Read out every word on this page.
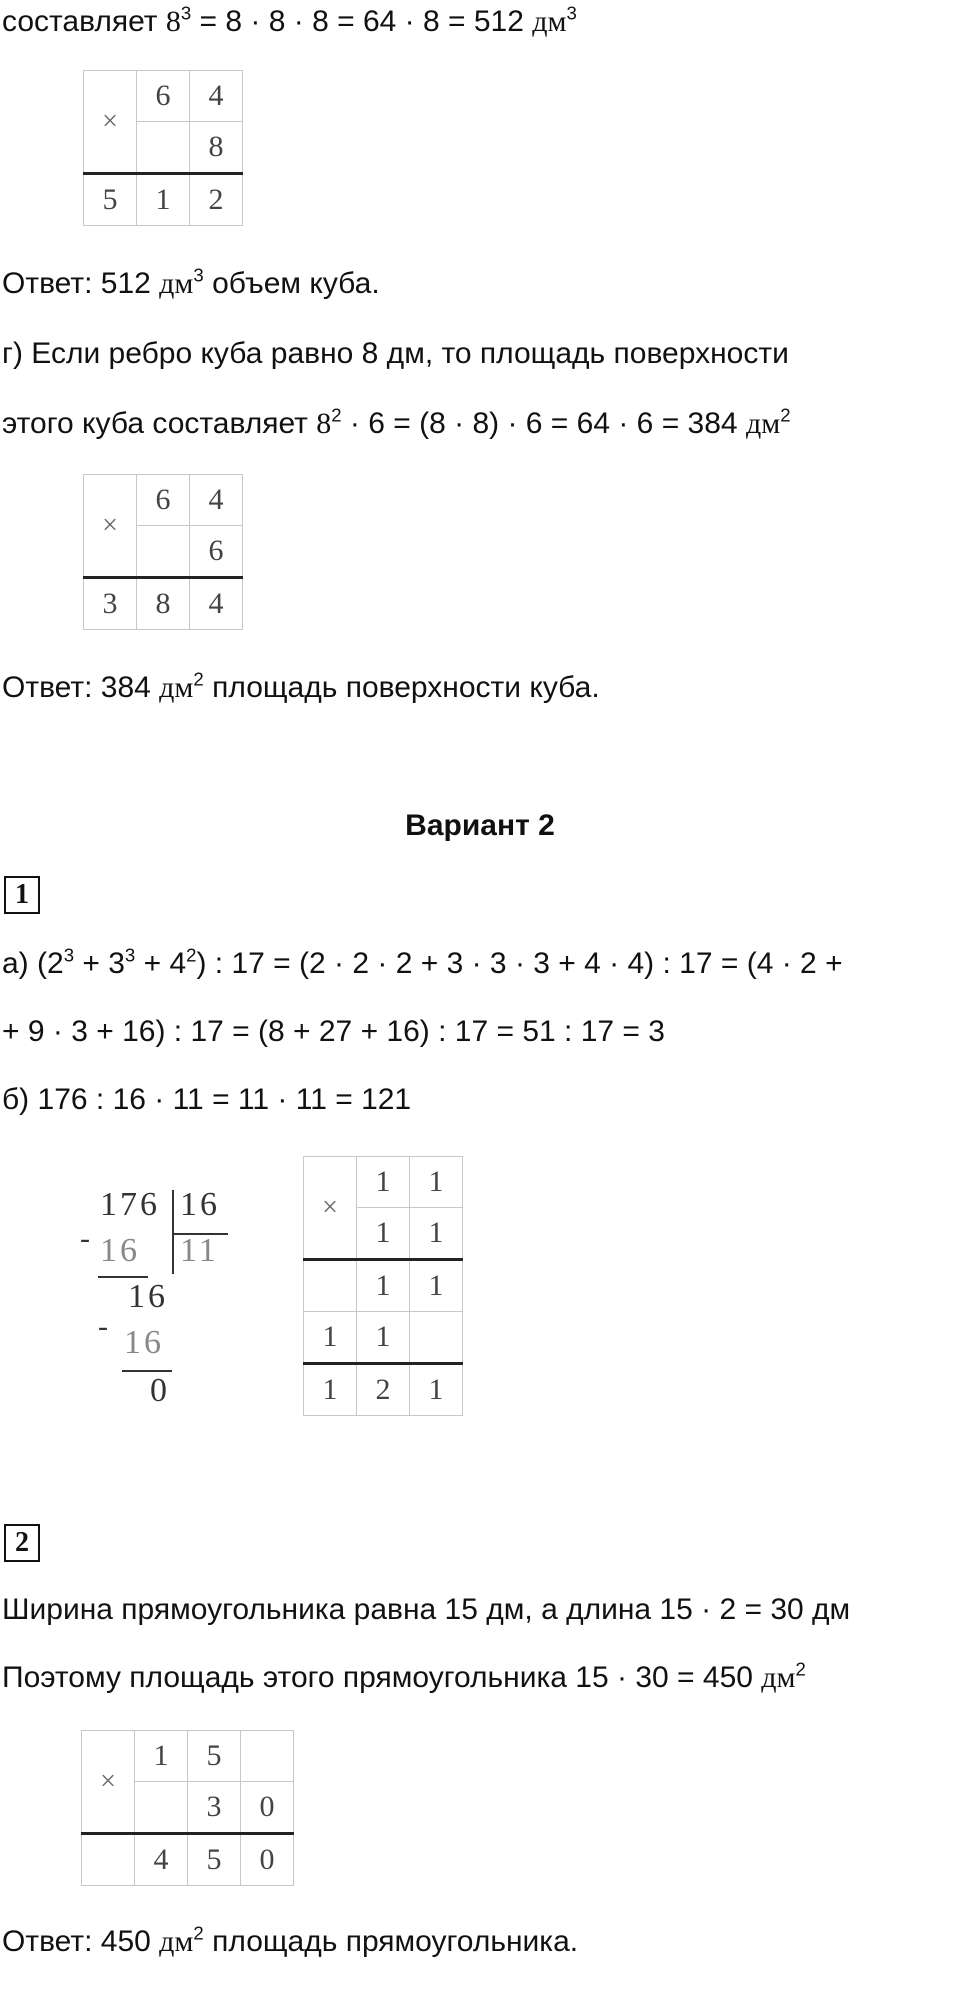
составляет $8^3 = 8 \cdot 8 \cdot 8 = 64 \cdot 8 = 512$ $дм^3$
×	6	4
		8
5	1	2
Ответ: 512 $дм^3$ объем куба.
г) Если ребро куба равно 8 дм, то площадь поверхности
этого куба составляет $8^2 \cdot 6 = (8 \cdot 8) \cdot 6 = 64 \cdot 6 = 384$ $дм^2$
×	6	4
		6
3	8	4
Ответ: 384 $дм^2$ площадь поверхности куба.
Вариант 2
1
а) $(2^3 + 3^3 + 4^2)$ : 17 = (2 · 2 · 2 + 3 · 3 · 3 + 4 · 4) : 17 = (4 · 2 +
+ 9 · 3 + 16) : 17 = (8 + 27 + 16) : 17 = 51 : 17 = 3
б) 176 : 16 · 11 = 11 · 11 = 121
-
176 16
16 11
16
- 16
0
×	1	1
	1	1
	1	1
1	1	
1	2	1
2
Ширина прямоугольника равна 15 дм, а длина 15 · 2 = 30 дм
Поэтому площадь этого прямоугольника 15 · 30 = 450 $дм^2$
×	1	5	
		3	0
	4	5	0
Ответ: 450 $дм^2$ площадь прямоугольника.
